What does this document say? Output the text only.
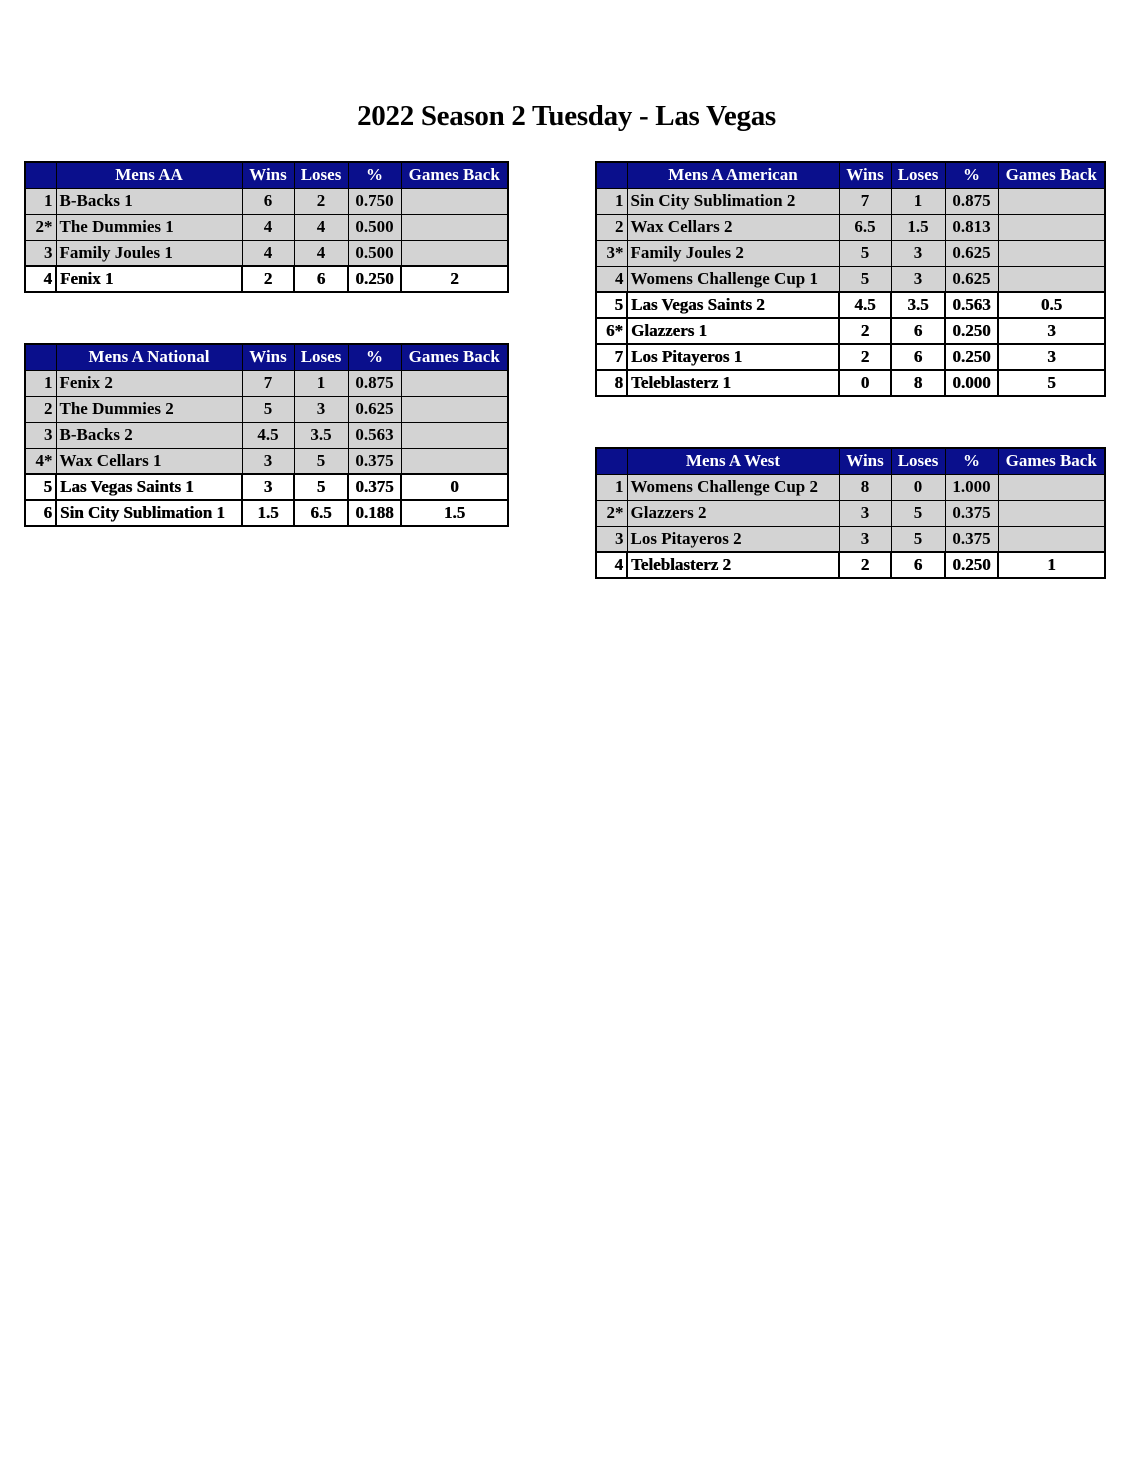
2022 Season 2 Tuesday - Las Vegas
	Mens AA	Wins	Loses	%	Games Back
1	B-Backs 1	6	2	0.750	
2*	The Dummies 1	4	4	0.500	
3	Family Joules 1	4	4	0.500	
4	Fenix 1	2	6	0.250	2
	Mens A National	Wins	Loses	%	Games Back
1	Fenix 2	7	1	0.875	
2	The Dummies 2	5	3	0.625	
3	B-Backs 2	4.5	3.5	0.563	
4*	Wax Cellars 1	3	5	0.375	
5	Las Vegas Saints 1	3	5	0.375	0
6	Sin City Sublimation 1	1.5	6.5	0.188	1.5
	Mens A American	Wins	Loses	%	Games Back
1	Sin City Sublimation 2	7	1	0.875	
2	Wax Cellars 2	6.5	1.5	0.813	
3*	Family Joules 2	5	3	0.625	
4	Womens Challenge Cup 1	5	3	0.625	
5	Las Vegas Saints 2	4.5	3.5	0.563	0.5
6*	Glazzers 1	2	6	0.250	3
7	Los Pitayeros 1	2	6	0.250	3
8	Teleblasterz 1	0	8	0.000	5
	Mens A West	Wins	Loses	%	Games Back
1	Womens Challenge Cup 2	8	0	1.000	
2*	Glazzers 2	3	5	0.375	
3	Los Pitayeros 2	3	5	0.375	
4	Teleblasterz 2	2	6	0.250	1
